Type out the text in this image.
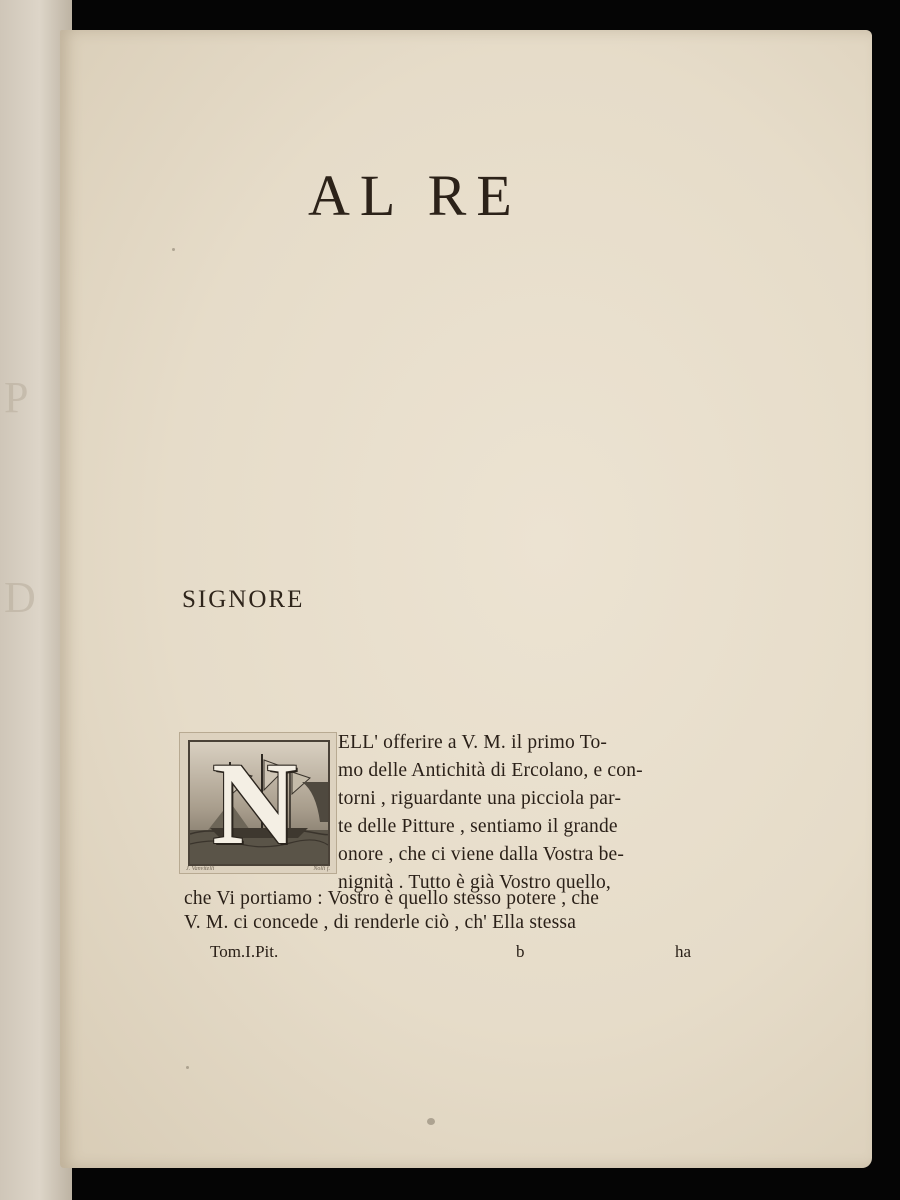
P
D
AL RE
SIGNORE
N
J. Vanvitelli	Nolli f.
ELL' offerire a V. M. il primo To-
mo delle Antichità di Ercolano, e con-
torni , riguardante una picciola par-
te delle Pitture , sentiamo il grande
onore , che ci viene dalla Vostra be-
nignità . Tutto è già Vostro quello,
che Vi portiamo : Vostro è quello stesso potere , che
V. M. ci concede , di renderle ciò , ch' Ella stessa
Tom.I.Pit.	b	ha
